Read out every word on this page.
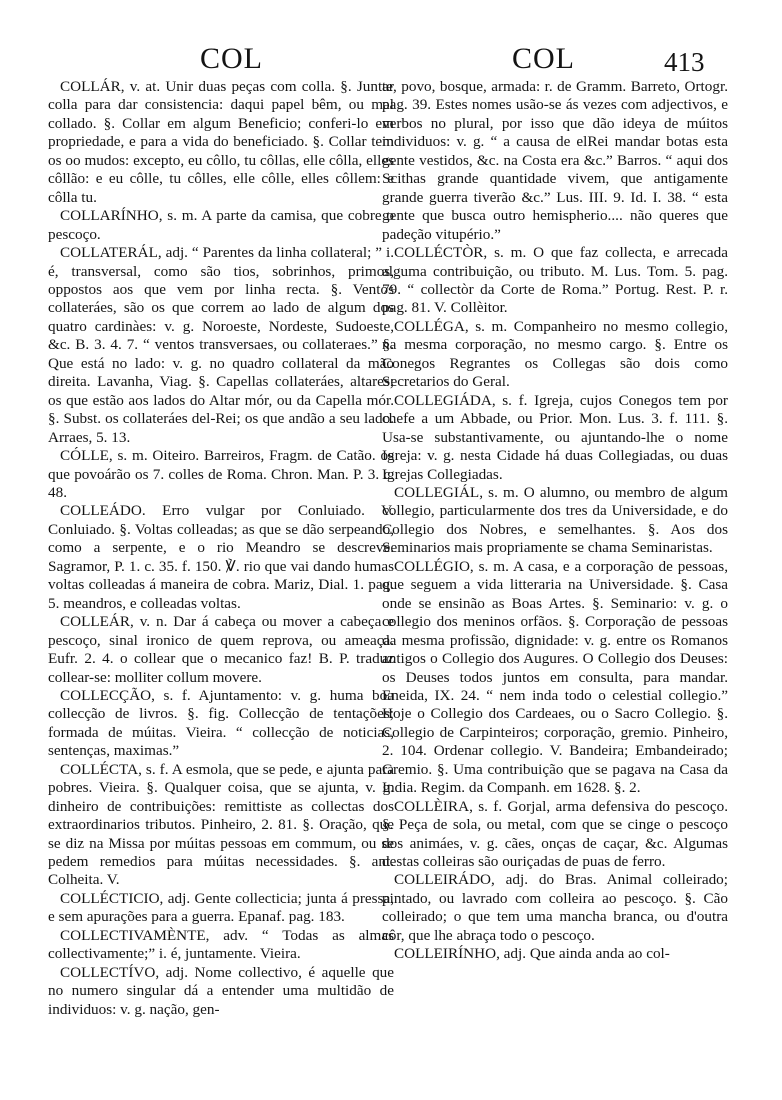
COL	COL	413

COLLÁR, v. at. Unir duas peças com colla. §. Juntar colla para dar consistencia: daqui papel bêm, ou mal collado. §. Collar em algum Beneficio; conferi-lo em propriedade, e para a vida do beneficiado. §. Collar tem os oo mudos: excepto, eu côllo, tu côllas, elle côlla, elles côllão: e eu côlle, tu côlles, elle côlle, elles côllem: e côlla tu.

COLLARÍNHO, s. m. A parte da camisa, que cobre o pescoço.

COLLATERÁL, adj. “ Parentes da linha collateral; ” i. é, transversal, como são tios, sobrinhos, primos, oppostos aos que vem por linha recta. §. Ventos collateráes, são os que correm ao lado de algum dos quatro cardinàes: v. g. Noroeste, Nordeste, Sudoeste, &c. B. 3. 4. 7. “ ventos transversaes, ou collateraes.” §. Que está no lado: v. g. no quadro collateral da mão direita. Lavanha, Viag. §. Capellas collateráes, altares; os que estão aos lados do Altar mór, ou da Capella mór. §. Subst. os collateráes del-Rei; os que andão a seu lado. Arraes, 5. 13.

CÓLLE, s. m. Oiteiro. Barreiros, Fragm. de Catão. os que povoárão os 7. colles de Roma. Chron. Man. P. 3. c. 48.

COLLEÁDO. Erro vulgar por Conluiado. V. Conluiado. §. Voltas colleadas; as que se dão serpeando, como a serpente, e o rio Meandro se descreve. Sagramor, P. 1. c. 35. f. 150. ℣. rio que vai dando humas voltas colleadas á maneira de cobra. Mariz, Dial. 1. pag. 5. meandros, e colleadas voltas.

COLLEÁR, v. n. Dar á cabeça ou mover a cabeça e pescoço, sinal ironico de quem reprova, ou ameaça. Eufr. 2. 4. o collear que o mecanico faz! B. P. traduz collear-se: molliter collum movere.

COLLECÇÃO, s. f. Ajuntamento: v. g. huma boa collecção de livros. §. fig. Collecção de tentações; formada de múitas. Vieira. “ collecção de noticias, sentenças, maximas.”

COLLÉCTA, s. f. A esmola, que se pede, e ajunta para pobres. Vieira. §. Qualquer coisa, que se ajunta, v. g. dinheiro de contribuições: remittiste as collectas dos extraordinarios tributos. Pinheiro, 2. 81. §. Oração, que se diz na Missa por múitas pessoas em commum, ou se pedem remedios para múitas necessidades. §. ant. Colheita. V.

COLLÉCTICIO, adj. Gente collecticia; junta á pressa, e sem apurações para a guerra. Epanaf. pag. 183.

COLLECTIVAMÈNTE, adv. “ Todas as almas collectivamente;” i. é, juntamente. Vieira.

COLLECTÍVO, adj. Nome collectivo, é aquelle que no numero singular dá a entender uma multidão de individuos: v. g. nação, gen-

te, povo, bosque, armada: r. de Gramm. Barreto, Ortogr. pag. 39. Estes nomes usão-se ás vezes com adjectivos, e verbos no plural, por isso que dão ideya de múitos individuos: v. g. “ a causa de elRei mandar botas esta gente vestidos, &c. na Costa era &c.” Barros. “ aqui dos Scithas grande quantidade vivem, que antigamente grande guerra tiverão &c.” Lus. III. 9. Id. I. 38. “ esta gente que busca outro hemispherio.... não queres que padeção vitupério.”

COLLÉCTÒR, s. m. O que faz collecta, e arrecada alguma contribuição, ou tributo. M. Lus. Tom. 5. pag. 79. “ collectòr da Corte de Roma.” Portug. Rest. P. r. pag. 81. V. Collèitor.

COLLÉGA, s. m. Companheiro no mesmo collegio, na mesma corporação, no mesmo cargo. §. Entre os Conegos Regrantes os Collegas são dois como Secretarios do Geral.

COLLEGIÁDA, s. f. Igreja, cujos Conegos tem por chefe a um Abbade, ou Prior. Mon. Lus. 3. f. 111. §. Usa-se substantivamente, ou ajuntando-lhe o nome Igreja: v. g. nesta Cidade há duas Collegiadas, ou duas Igrejas Collegiadas.

COLLEGIÁL, s. m. O alumno, ou membro de algum collegio, particularmente dos tres da Universidade, e do Collegio dos Nobres, e semelhantes. §. Aos dos Seminarios mais propriamente se chama Seminaristas.

COLLÉGIO, s. m. A casa, e a corporação de pessoas, que seguem a vida litteraria na Universidade. §. Casa onde se ensinão as Boas Artes. §. Seminario: v. g. o collegio dos meninos orfãos. §. Corporação de pessoas da mesma profissão, dignidade: v. g. entre os Romanos antigos o Collegio dos Augures. O Collegio dos Deuses: os Deuses todos juntos em consulta, para mandar. Eneida, IX. 24. “ nem inda todo o celestial collegio.” Hoje o Collegio dos Cardeaes, ou o Sacro Collegio. §. Collegio de Carpinteiros; corporação, gremio. Pinheiro, 2. 104. Ordenar collegio. V. Bandeira; Embandeirado; Gremio. §. Uma contribuição que se pagava na Casa da India. Regim. da Companh. em 1628. §. 2.

COLLÈIRA, s. f. Gorjal, arma defensiva do pescoço. §. Peça de sola, ou metal, com que se cinge o pescoço dos animáes, v. g. cães, onças de caçar, &c. Algumas destas colleiras são ouriçadas de puas de ferro.

COLLEIRÁDO, adj. do Bras. Animal colleirado; pintado, ou lavrado com colleira ao pescoço. §. Cão colleirado; o que tem uma mancha branca, ou d'outra côr, que lhe abraça todo o pescoço.

COLLEIRÍNHO, adj. Que ainda anda ao col-
